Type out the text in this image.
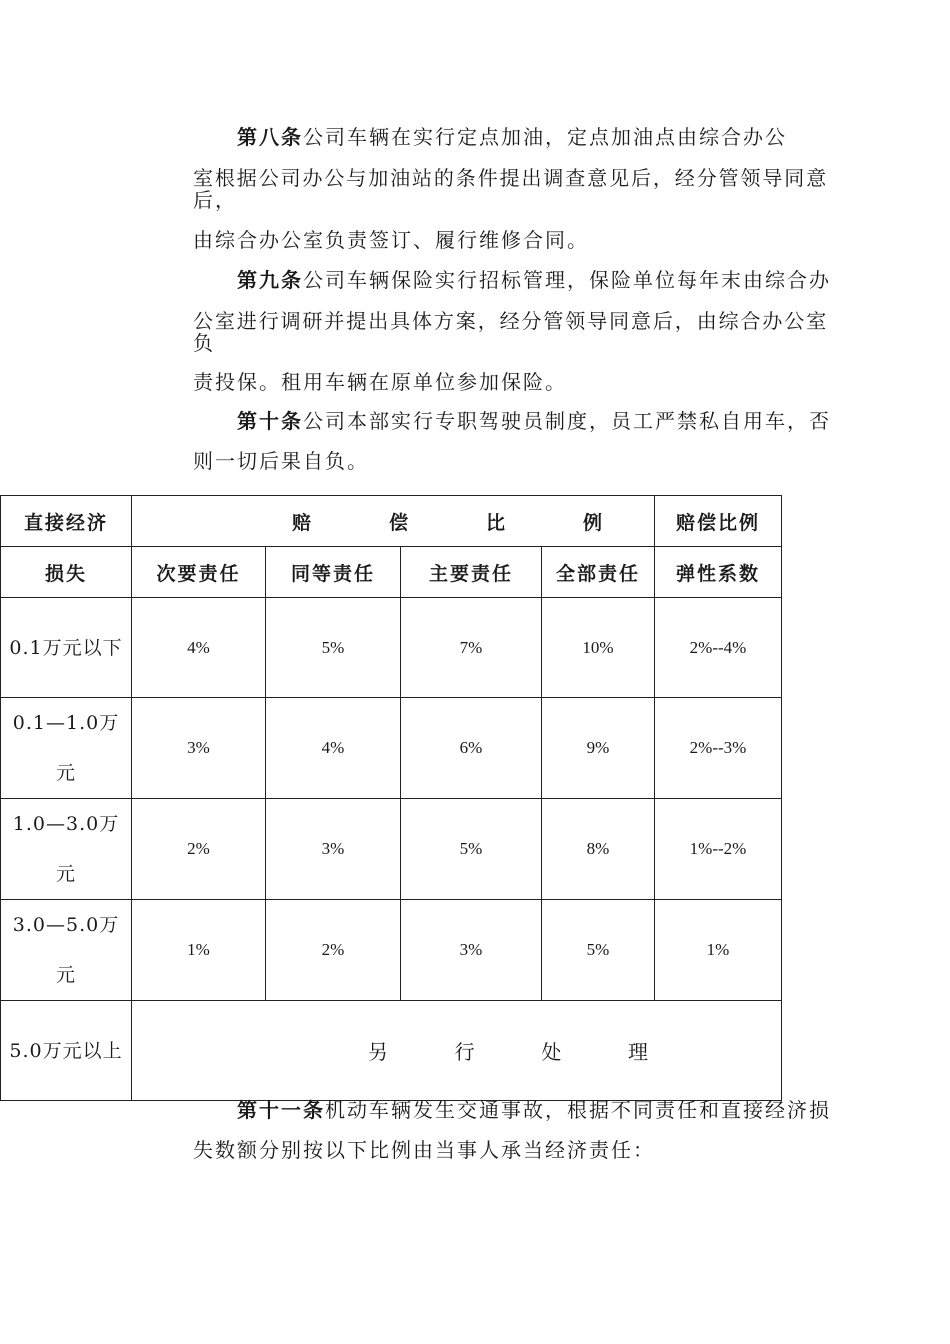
第八条公司车辆在实行定点加油，定点加油点由综合办公

室根据公司办公与加油站的条件提出调查意见后，经分管领导同意

后，

由综合办公室负责签订、履行维修合同。

第九条公司车辆保险实行招标管理，保险单位每年末由综合办

公室进行调研并提出具体方案，经分管领导同意后，由综合办公室

负

责投保。租用车辆在原单位参加保险。

第十条公司本部实行专职驾驶员制度，员工严禁私自用车，否

则一切后果自负。

直接经济	赔 偿 比 例				赔偿比例
损失	次要责任	同等责任	主要责任	全部责任	弹性系数
0.1万元以下	4%	5%	7%	10%	2%--4%
0.1—1.0万元	3%	4%	6%	9%	2%--3%
1.0—3.0万元	2%	3%	5%	8%	1%--2%
3.0—5.0万元	1%	2%	3%	5%	1%
5.0万元以上	另 行 处 理				

第十一条机动车辆发生交通事故，根据不同责任和直接经济损

失数额分别按以下比例由当事人承当经济责任：
